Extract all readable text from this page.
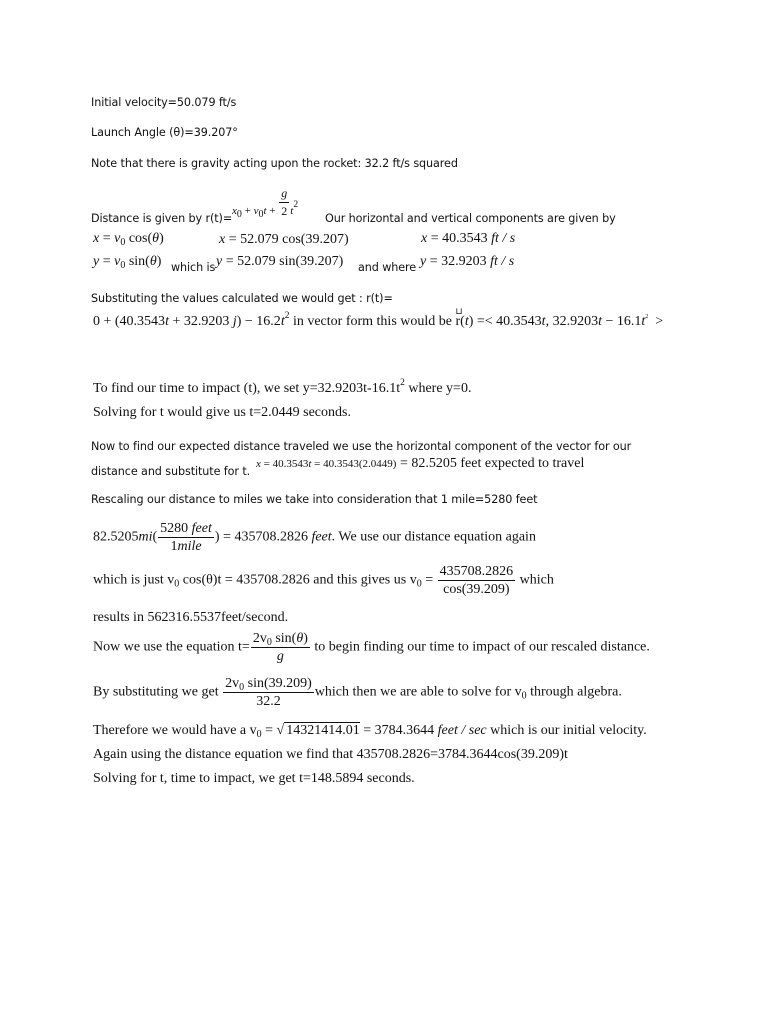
Initial velocity=50.079 ft/s
Launch Angle (θ)=39.207°
Note that there is gravity acting upon the rocket: 32.2 ft/s squared
$x_0 + v_0t + \frac{g}{2} t^2$
Distance is given by r(t)=	Our horizontal and vertical components are given by
$x = v_0$ cos(θ)	x = 52.079 cos(39.207)	x = 40.3543 ft / s
$y = v_0$ sin(θ) which is y = 52.079 sin(39.207) and where y = 32.9203 ft / s
Substituting the values calculated we would get : r(t)=
0 + (40.3543t + 32.9203 $j) - 16.2t^2$ in vector form this would be
⊔
r(t) =< 40.3543t, $32.9203t - 16.1t^2$  >
To find our time to impact (t), we set $y=32.9203t-16.1t^2$ where y=0.
Solving for t would give us t=2.0449 seconds.
Now to find our expected distance traveled we use the horizontal component of the vector for our
distance and substitute for t.
x = 40.3543t = 40.3543(2.0449) = 82.5205 feet expected to travel
Rescaling our distance to miles we take into consideration that 1 mile=5280 feet
$82.5205mi( \frac{\text{5280 feet}}{\text{1mile}}$ ) = 435708.2826 feet. We use our distance equation again
which is just $v_0$ cos(θ)t = 435708.2826 and this gives us $v_0 = \frac{435708.2826}{\cos(39.209)}$ which
results in 562316.5537feet/second.
Now we use the equation $t= \frac{2v_0 \sin(\theta)}{g}$ to begin finding our time to impact of our rescaled distance.
By substituting we get $\frac{2v_0 \sin(39.209)}{32.2}$ which then we are able to solve for $v_0$ through algebra.
Therefore we would have a $v_0$ = √ 14321414.01 = 3784.3644 feet / sec which is our initial velocity.
Again using the distance equation we find that 435708.2826=3784.3644cos(39.209)t
Solving for t, time to impact, we get t=148.5894 seconds.
